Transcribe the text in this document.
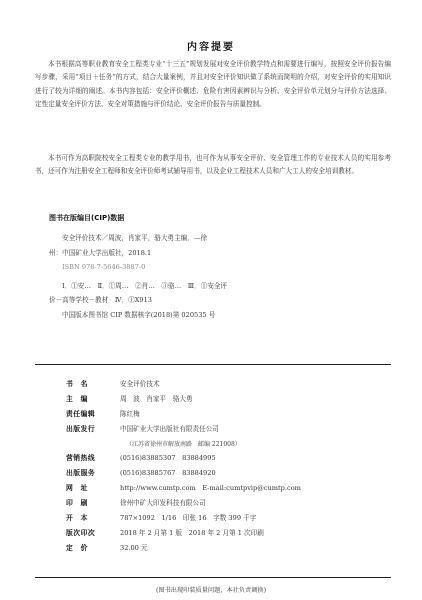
内容提要

本书根据高等职业教育安全工程类专业“十三五”规划发展对安全评价教学特点和需要进行编写，按照安全评价报告编写步骤，采用“项目＋任务”的方式，结合大量案例，并且对安全评价知识做了系统而简明的介绍，对安全评价的实用知识进行了较为详细的阐述。本书内容包括：安全评价概述、危险有害因素辨识与分析、安全评价单元划分与评价方法选择、定性定量安全评价方法、安全对策措施与评价结论、安全评价报告与质量控制。

本书可作为高职院校安全工程类专业的教学用书，也可作为从事安全评价、安全管理工作的专业技术人员的实用参考书，还可作为注册安全工程师和安全评价师考试辅导用书，以及企业工程技术人员和广大工人的安全培训教材。

图书在版编目(CIP)数据
安全评价技术／周波，肖家平，骆大勇主编．—徐
州：中国矿业大学出版社，2018.1
ISBN 978-7-5646-3887-0
Ⅰ．①安…　Ⅱ．①周…　②肖…　③骆…　Ⅲ．①安全评
价－高等学校－教材　Ⅳ．①X913
中国版本图书馆 CIP 数据核字(2018)第 020535 号
书　名	安全评价技术
主　编	周　波　肖家平　骆大勇
责任编辑	陈红梅
出版发行	中国矿业大学出版社有限责任公司
（江苏省徐州市解放南路　邮编 221008）
营销热线	(0516)83885307　83884995
出版服务	(0516)83885767　83884920
网　址	http://www.cumtp.com　E-mail:cumtpvip@cumtp.com
印　刷	徐州中矿大印发科技有限公司
开　本	787×1092　1/16　印张 16　字数 399 千字
版次印次	2018 年 2 月第 1 版　2018 年 2 月第 1 次印刷
定　价	32.00 元
(图书出现印装质量问题，本社负责调换)
